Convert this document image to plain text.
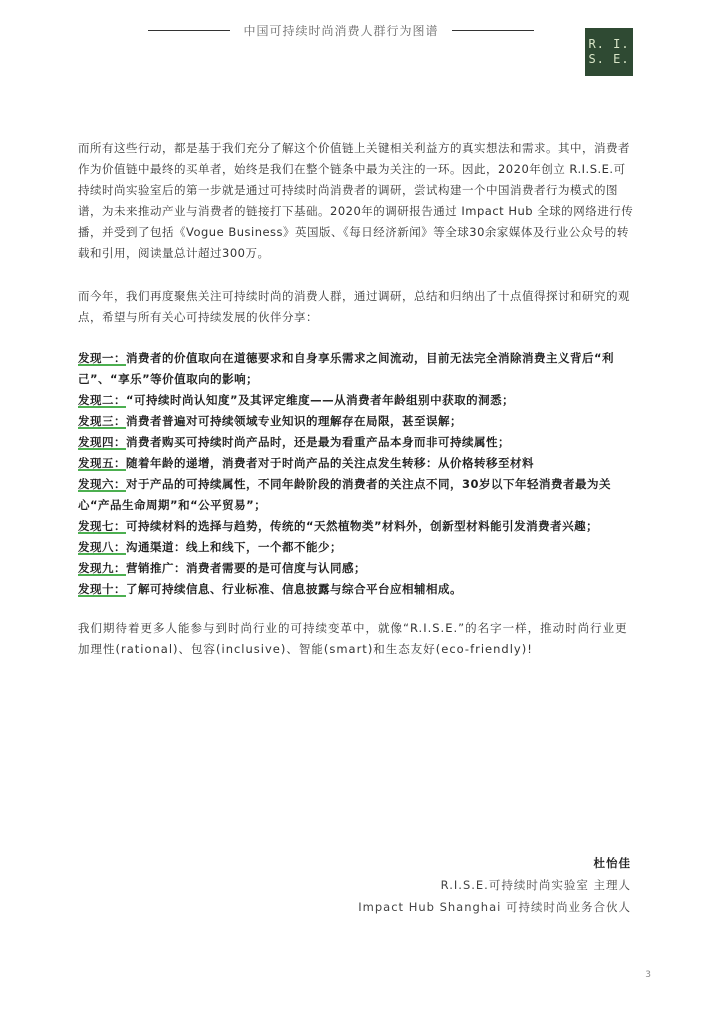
中国可持续时尚消费人群行为图谱
R. I.
S. E.

而所有这些行动，都是基于我们充分了解这个价值链上关键相关利益方的真实想法和需求。其中，消费者作为价值链中最终的买单者，始终是我们在整个链条中最为关注的一环。因此，2020年创立 R.I.S.E.可持续时尚实验室后的第一步就是通过可持续时尚消费者的调研，尝试构建一个中国消费者行为模式的图谱，为未来推动产业与消费者的链接打下基础。2020年的调研报告通过 Impact Hub 全球的网络进行传播，并受到了包括《Vogue Business》英国版、《每日经济新闻》等全球30余家媒体及行业公众号的转载和引用，阅读量总计超过300万。

而今年，我们再度聚焦关注可持续时尚的消费人群，通过调研，总结和归纳出了十点值得探讨和研究的观点，希望与所有关心可持续发展的伙伴分享：

发现一：消费者的价值取向在道德要求和自身享乐需求之间流动，目前无法完全消除消费主义背后“利己”、“享乐”等价值取向的影响；
发现二：“可持续时尚认知度”及其评定维度——从消费者年龄组别中获取的洞悉；
发现三：消费者普遍对可持续领域专业知识的理解存在局限，甚至误解；
发现四：消费者购买可持续时尚产品时，还是最为看重产品本身而非可持续属性；
发现五：随着年龄的递增，消费者对于时尚产品的关注点发生转移：从价格转移至材料
发现六：对于产品的可持续属性，不同年龄阶段的消费者的关注点不同，30岁以下年轻消费者最为关心“产品生命周期”和“公平贸易”；
发现七：可持续材料的选择与趋势，传统的“天然植物类”材料外，创新型材料能引发消费者兴趣；
发现八：沟通渠道：线上和线下，一个都不能少；
发现九：营销推广：消费者需要的是可信度与认同感；
发现十：了解可持续信息、行业标准、信息披露与综合平台应相辅相成。

我们期待着更多人能参与到时尚行业的可持续变革中，就像“R.I.S.E.”的名字一样，推动时尚行业更加理性(rational)、包容(inclusive)、智能(smart)和生态友好(eco-friendly)!

杜怡佳
R.I.S.E.可持续时尚实验室 主理人
Impact Hub Shanghai 可持续时尚业务合伙人
3
